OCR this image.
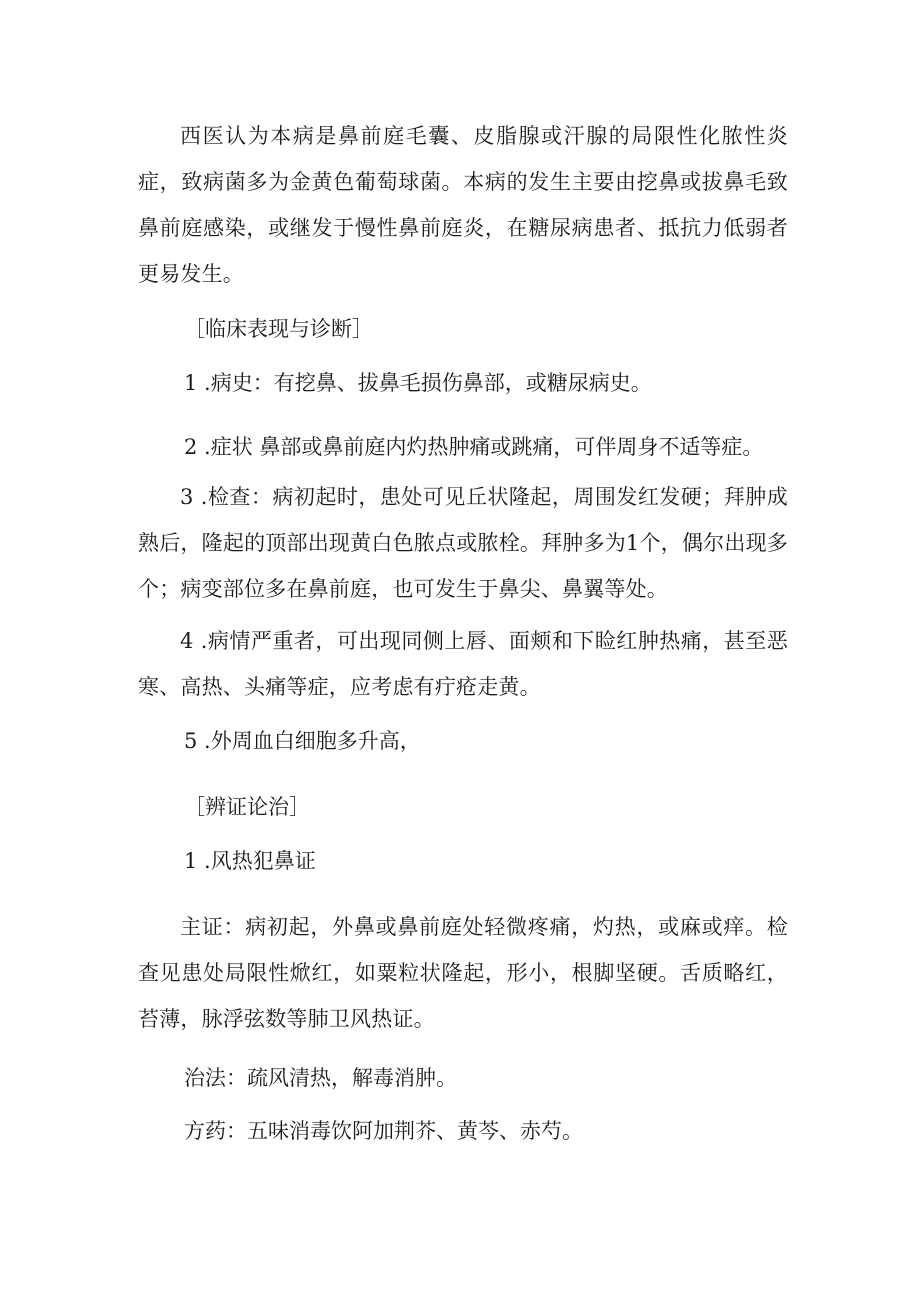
西医认为本病是鼻前庭毛囊、皮脂腺或汗腺的局限性化脓性炎症，致病菌多为金黄色葡萄球菌。本病的发生主要由挖鼻或拔鼻毛致鼻前庭感染，或继发于慢性鼻前庭炎，在糖尿病患者、抵抗力低弱者更易发生。

［临床表现与诊断］

1 .病史：有挖鼻、拔鼻毛损伤鼻部，或糖尿病史。

2 .症状 鼻部或鼻前庭内灼热肿痛或跳痛，可伴周身不适等症。

3 .检查：病初起时，患处可见丘状隆起，周围发红发硬；拜肿成熟后，隆起的顶部出现黄白色脓点或脓栓。拜肿多为1个，偶尔出现多个；病变部位多在鼻前庭，也可发生于鼻尖、鼻翼等处。

4 .病情严重者，可出现同侧上唇、面颊和下睑红肿热痛，甚至恶寒、高热、头痛等症，应考虑有疔疮走黄。

5 .外周血白细胞多升高，

［辨证论治］

1 .风热犯鼻证

主证：病初起，外鼻或鼻前庭处轻微疼痛，灼热，或麻或痒。检查见患处局限性焮红，如粟粒状隆起，形小，根脚坚硬。舌质略红，苔薄，脉浮弦数等肺卫风热证。

治法：疏风清热，解毒消肿。

方药：五味消毒饮阿加荆芥、黄芩、赤芍。
